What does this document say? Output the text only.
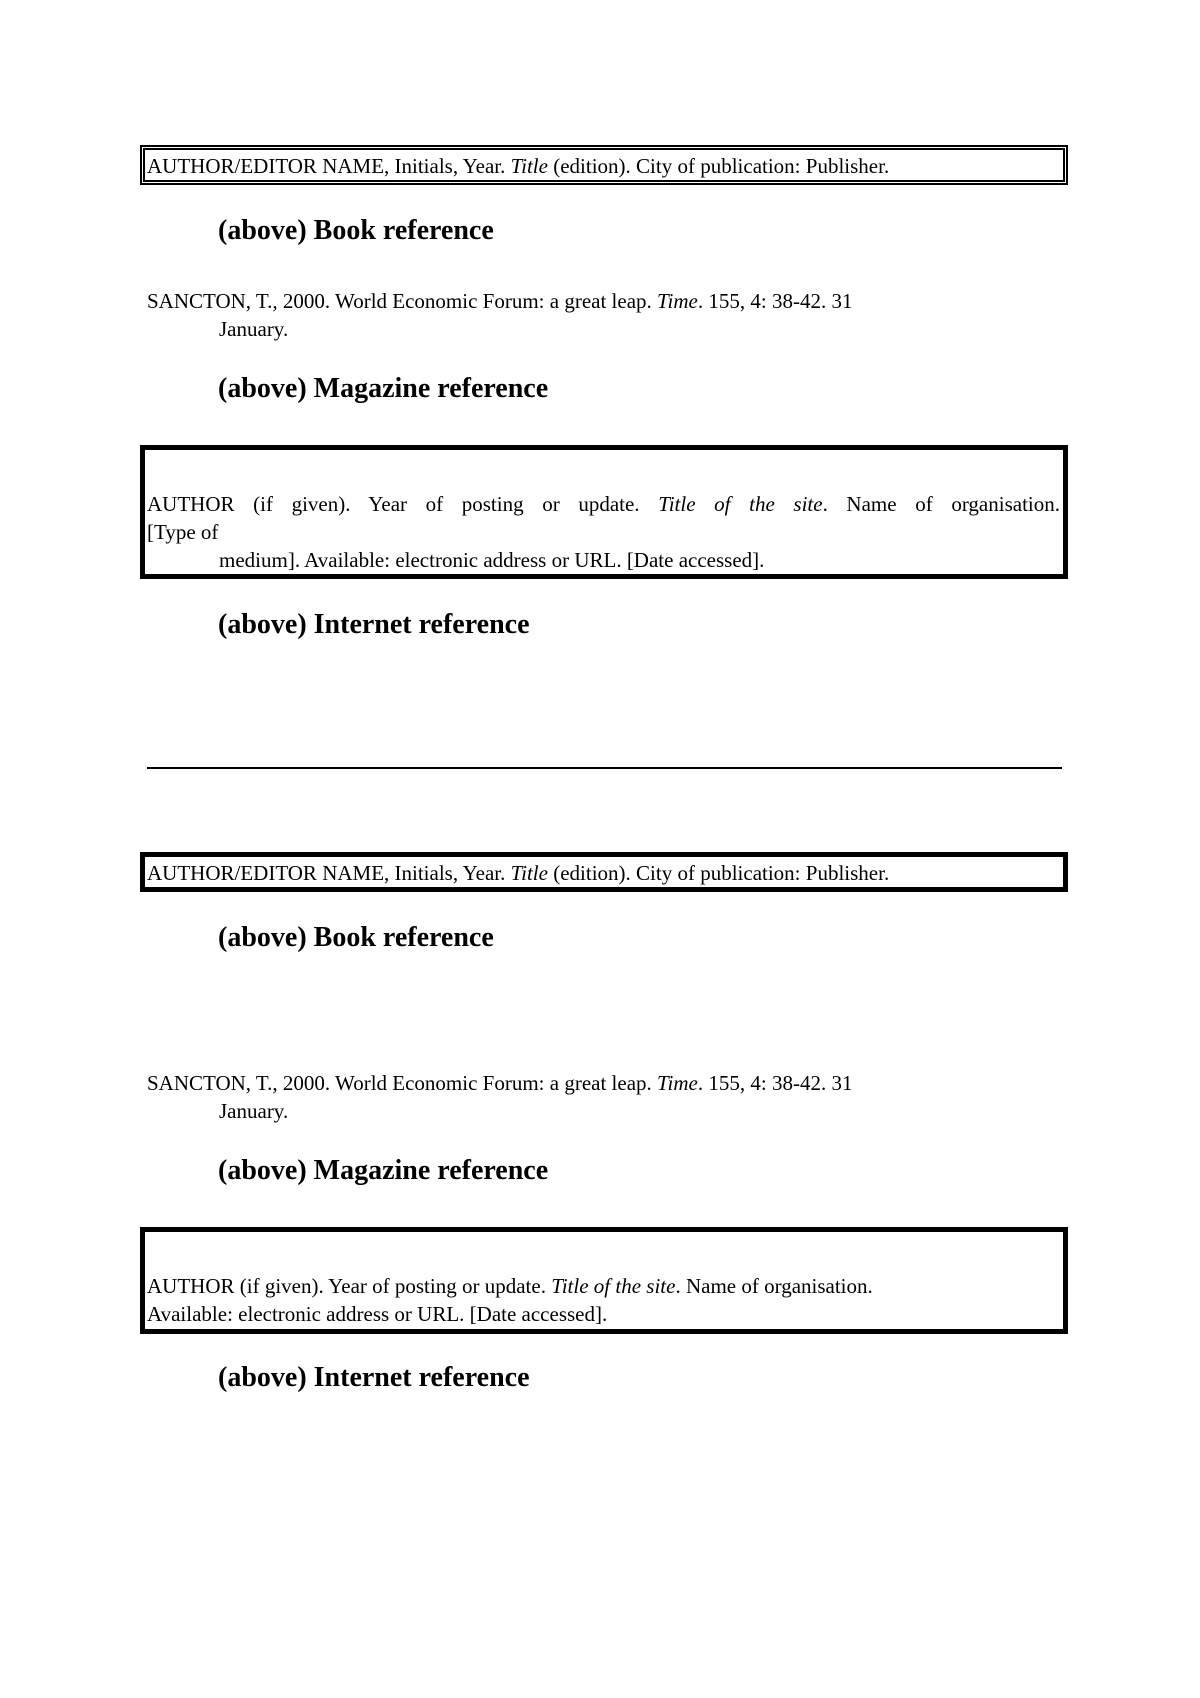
AUTHOR/EDITOR NAME, Initials, Year. Title (edition). City of publication: Publisher.
(above) Book reference
SANCTON, T., 2000. World Economic Forum: a great leap. Time. 155, 4: 38-42. 31
January.
(above) Magazine reference
AUTHOR (if given). Year of posting or update. Title of the site. Name of organisation.
[Type of
medium]. Available: electronic address or URL. [Date accessed].
(above) Internet reference
AUTHOR/EDITOR NAME, Initials, Year. Title (edition). City of publication: Publisher.
(above) Book reference
SANCTON, T., 2000. World Economic Forum: a great leap. Time. 155, 4: 38-42. 31
January.
(above) Magazine reference
AUTHOR (if given). Year of posting or update. Title of the site. Name of organisation.
Available: electronic address or URL. [Date accessed].
(above) Internet reference
